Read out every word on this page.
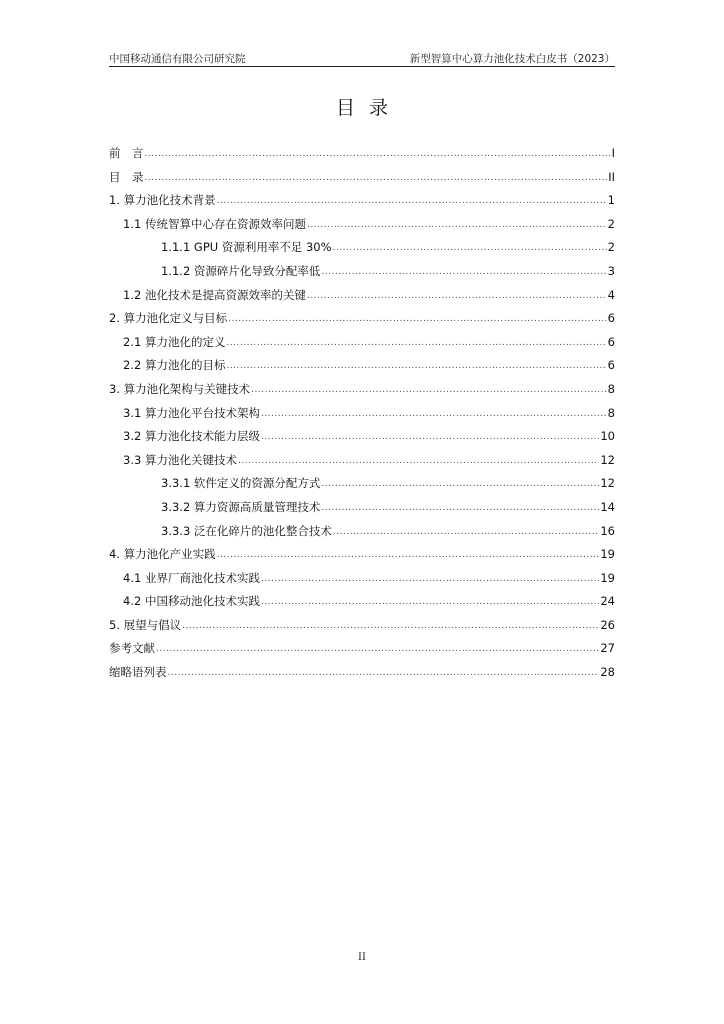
中国移动通信有限公司研究院	新型智算中心算力池化技术白皮书（2023）
目录
前　言 .....	I
目　录 .....	II
1. 算力池化技术背景 .....	1
1.1 传统智算中心存在资源效率问题 .....	2
1.1.1 GPU 资源利用率不足 30% .....	2
1.1.2 资源碎片化导致分配率低 .....	3
1.2 池化技术是提高资源效率的关键 .....	4
2. 算力池化定义与目标 .....	6
2.1 算力池化的定义 .....	6
2.2 算力池化的目标 .....	6
3. 算力池化架构与关键技术 .....	8
3.1 算力池化平台技术架构 .....	8
3.2 算力池化技术能力层级 .....	10
3.3 算力池化关键技术 .....	12
3.3.1 软件定义的资源分配方式 .....	12
3.3.2 算力资源高质量管理技术 .....	14
3.3.3 泛在化碎片的池化整合技术 .....	16
4. 算力池化产业实践 .....	19
4.1 业界厂商池化技术实践 .....	19
4.2 中国移动池化技术实践 .....	24
5. 展望与倡议 .....	26
参考文献 .....	27
缩略语列表 .....	28
II
